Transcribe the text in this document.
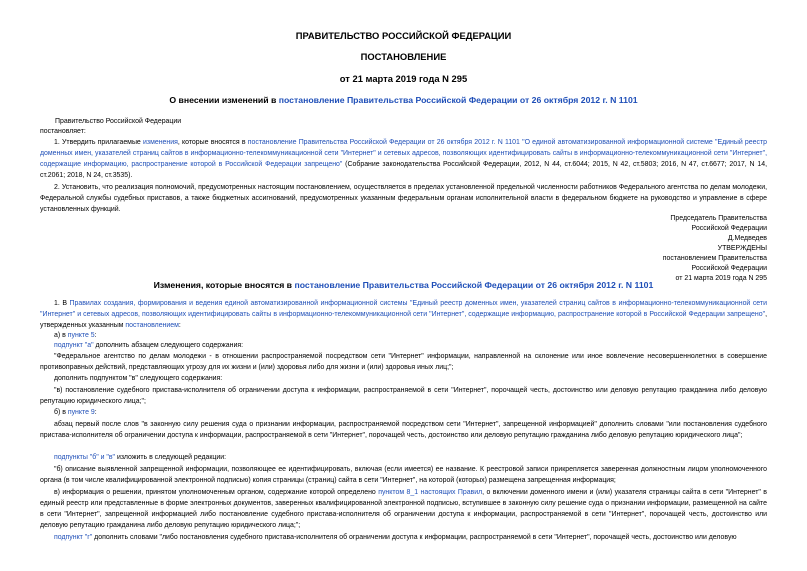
ПРАВИТЕЛЬСТВО РОССИЙСКОЙ ФЕДЕРАЦИИ
ПОСТАНОВЛЕНИЕ
от 21 марта 2019 года N 295
О внесении изменений в постановление Правительства Российской Федерации от 26 октября 2012 г. N 1101
Правительство Российской Федерации
постановляет:
1. Утвердить прилагаемые изменения, которые вносятся в постановление Правительства Российской Федерации от 26 октября 2012 г. N 1101 "О единой автоматизированной информационной системе "Единый реестр доменных имен, указателей страниц сайтов в информационно-телекоммуникационной сети "Интернет" и сетевых адресов, позволяющих идентифицировать сайты в информационно-телекоммуникационной сети "Интернет", содержащие информацию, распространение которой в Российской Федерации запрещено" (Собрание законодательства Российской Федерации, 2012, N 44, ст.6044; 2015, N 42, ст.5803; 2016, N 47, ст.6677; 2017, N 14, ст.2061; 2018, N 24, ст.3535).
2. Установить, что реализация полномочий, предусмотренных настоящим постановлением, осуществляется в пределах установленной предельной численности работников Федерального агентства по делам молодежи, Федеральной службы судебных приставов, а также бюджетных ассигнований, предусмотренных указанным федеральным органам исполнительной власти в федеральном бюджете на руководство и управление в сфере установленных функций.
Председатель Правительства
Российской Федерации
Д.Медведев
УТВЕРЖДЕНЫ
постановлением Правительства
Российской Федерации
от 21 марта 2019 года N 295
Изменения, которые вносятся в постановление Правительства Российской Федерации от 26 октября 2012 г. N 1101
1. В Правилах создания, формирования и ведения единой автоматизированной информационной системы "Единый реестр доменных имен, указателей страниц сайтов в информационно-телекоммуникационной сети "Интернет" и сетевых адресов, позволяющих идентифицировать сайты в информационно-телекоммуникационной сети "Интернет", содержащие информацию, распространение которой в Российской Федерации запрещено", утвержденных указанным постановлением:
а) в пункте 5:
подпункт "а" дополнить абзацем следующего содержания:
"Федеральное агентство по делам молодежи - в отношении распространяемой посредством сети "Интернет" информации, направленной на склонение или иное вовлечение несовершеннолетних в совершение противоправных действий, представляющих угрозу для их жизни и (или) здоровья либо для жизни и (или) здоровья иных лиц;";
дополнить подпунктом "в" следующего содержания:
"в) постановление судебного пристава-исполнителя об ограничении доступа к информации, распространяемой в сети "Интернет", порочащей честь, достоинство или деловую репутацию гражданина либо деловую репутацию юридического лица;";
б) в пункте 9:
абзац первый после слов "в законную силу решения суда о признании информации, распространяемой посредством сети "Интернет", запрещенной информацией" дополнить словами "или постановления судебного пристава-исполнителя об ограничении доступа к информации, распространяемой в сети "Интернет", порочащей честь, достоинство или деловую репутацию гражданина либо деловую репутацию юридического лица";
подпункты "б" и "в" изложить в следующей редакции:
"б) описание выявленной запрещенной информации, позволяющее ее идентифицировать, включая (если имеется) ее название. К реестровой записи прикрепляется заверенная должностным лицом уполномоченного органа (в том числе квалифицированной электронной подписью) копия страницы (страниц) сайта в сети "Интернет", на которой (которых) размещена запрещенная информация;
в) информация о решении, принятом уполномоченным органом, содержание которой определено пунктом 8_1 настоящих Правил, о включении доменного имени и (или) указателя страницы сайта в сети "Интернет" в единый реестр или представленные в форме электронных документов, заверенных квалифицированной электронной подписью, вступившее в законную силу решение суда о признании информации, размещенной на сайте в сети "Интернет", запрещенной информацией либо постановление судебного пристава-исполнителя об ограничении доступа к информации, распространяемой в сети "Интернет", порочащей честь, достоинство или деловую репутацию гражданина либо деловую репутацию юридического лица;";
подпункт "г" дополнить словами "либо постановления судебного пристава-исполнителя об ограничении доступа к информации, распространяемой в сети "Интернет", порочащей честь, достоинство или деловую
